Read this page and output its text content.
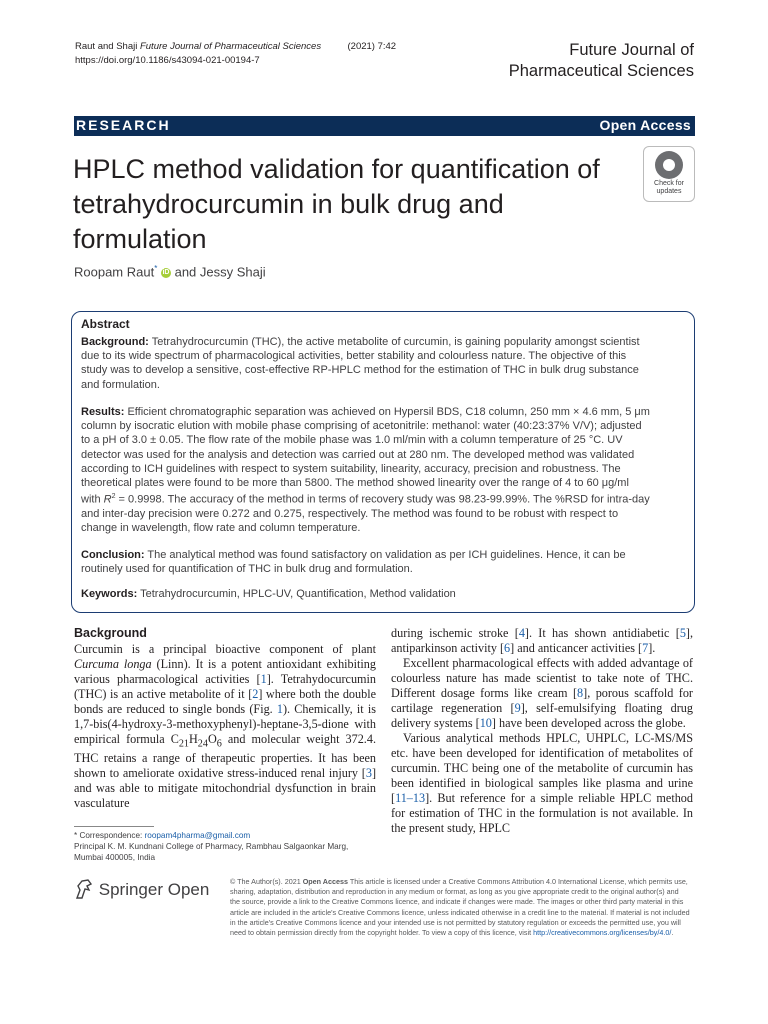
Raut and Shaji Future Journal of Pharmaceutical Sciences	(2021) 7:42
https://doi.org/10.1186/s43094-021-00194-7
Future Journal of
Pharmaceutical Sciences
RESEARCH	Open Access
HPLC method validation for quantification of tetrahydrocurcumin in bulk drug and formulation
Check for
updates
Roopam Raut* iD and Jessy Shaji
Abstract
Background: Tetrahydrocurcumin (THC), the active metabolite of curcumin, is gaining popularity amongst scientist
due to its wide spectrum of pharmacological activities, better stability and colourless nature. The objective of this
study was to develop a sensitive, cost-effective RP-HPLC method for the estimation of THC in bulk drug substance
and formulation.
Results: Efficient chromatographic separation was achieved on Hypersil BDS, C18 column, 250 mm × 4.6 mm, 5 μm
column by isocratic elution with mobile phase comprising of acetonitrile: methanol: water (40:23:37% V/V); adjusted
to a pH of 3.0 ± 0.05. The flow rate of the mobile phase was 1.0 ml/min with a column temperature of 25 °C. UV
detector was used for the analysis and detection was carried out at 280 nm. The developed method was validated
according to ICH guidelines with respect to system suitability, linearity, accuracy, precision and robustness. The
theoretical plates were found to be more than 5800. The method showed linearity over the range of 4 to 60 μg/ml
with $R^2 = 0.9998$. The accuracy of the method in terms of recovery study was 98.23-99.99%. The %RSD for intra-day
and inter-day precision were 0.272 and 0.275, respectively. The method was found to be robust with respect to
change in wavelength, flow rate and column temperature.
Conclusion: The analytical method was found satisfactory on validation as per ICH guidelines. Hence, it can be
routinely used for quantification of THC in bulk drug and formulation.
Keywords: Tetrahydrocurcumin, HPLC-UV, Quantification, Method validation
Background

Curcumin is a principal bioactive component of plant Curcuma longa (Linn). It is a potent antioxidant exhibiting various pharmacological activities [1]. Tetrahydocurcumin (THC) is an active metabolite of it [2] where both the double bonds are reduced to single bonds (Fig. 1). Chemically, it is 1,7-bis(4-hydroxy-3-methoxyphenyl)-heptane-3,5-dione with empirical formula $C_{21}H_{24}O_6$ and molecular weight 372.4. THC retains a range of therapeutic properties. It has been shown to ameliorate oxidative stress-induced renal injury [3] and was able to mitigate mitochondrial dysfunction in brain vasculature

during ischemic stroke [4]. It has shown antidiabetic [5], antiparkinson activity [6] and anticancer activities [7].

Excellent pharmacological effects with added advantage of colourless nature has made scientist to take note of THC. Different dosage forms like cream [8], porous scaffold for cartilage regeneration [9], self-emulsifying floating drug delivery systems [10] have been developed across the globe.

Various analytical methods HPLC, UHPLC, LC-MS/MS etc. have been developed for identification of metabolites of curcumin. THC being one of the metabolite of curcumin has been identified in biological samples like plasma and urine [11–13]. But reference for a simple reliable HPLC method for estimation of THC in the formulation is not available. In the present study, HPLC

* Correspondence: roopam4pharma@gmail.com
Principal K. M. Kundnani College of Pharmacy, Rambhau Salgaonkar Marg,
Mumbai 400005, India
Springer Open	© The Author(s). 2021 Open Access This article is licensed under a Creative Commons Attribution 4.0 International License, which permits use, sharing, adaptation, distribution and reproduction in any medium or format, as long as you give appropriate credit to the original author(s) and the source, provide a link to the Creative Commons licence, and indicate if changes were made. The images or other third party material in this article are included in the article's Creative Commons licence, unless indicated otherwise in a credit line to the material. If material is not included in the article's Creative Commons licence and your intended use is not permitted by statutory regulation or exceeds the permitted use, you will need to obtain permission directly from the copyright holder. To view a copy of this licence, visit http://creativecommons.org/licenses/by/4.0/.
